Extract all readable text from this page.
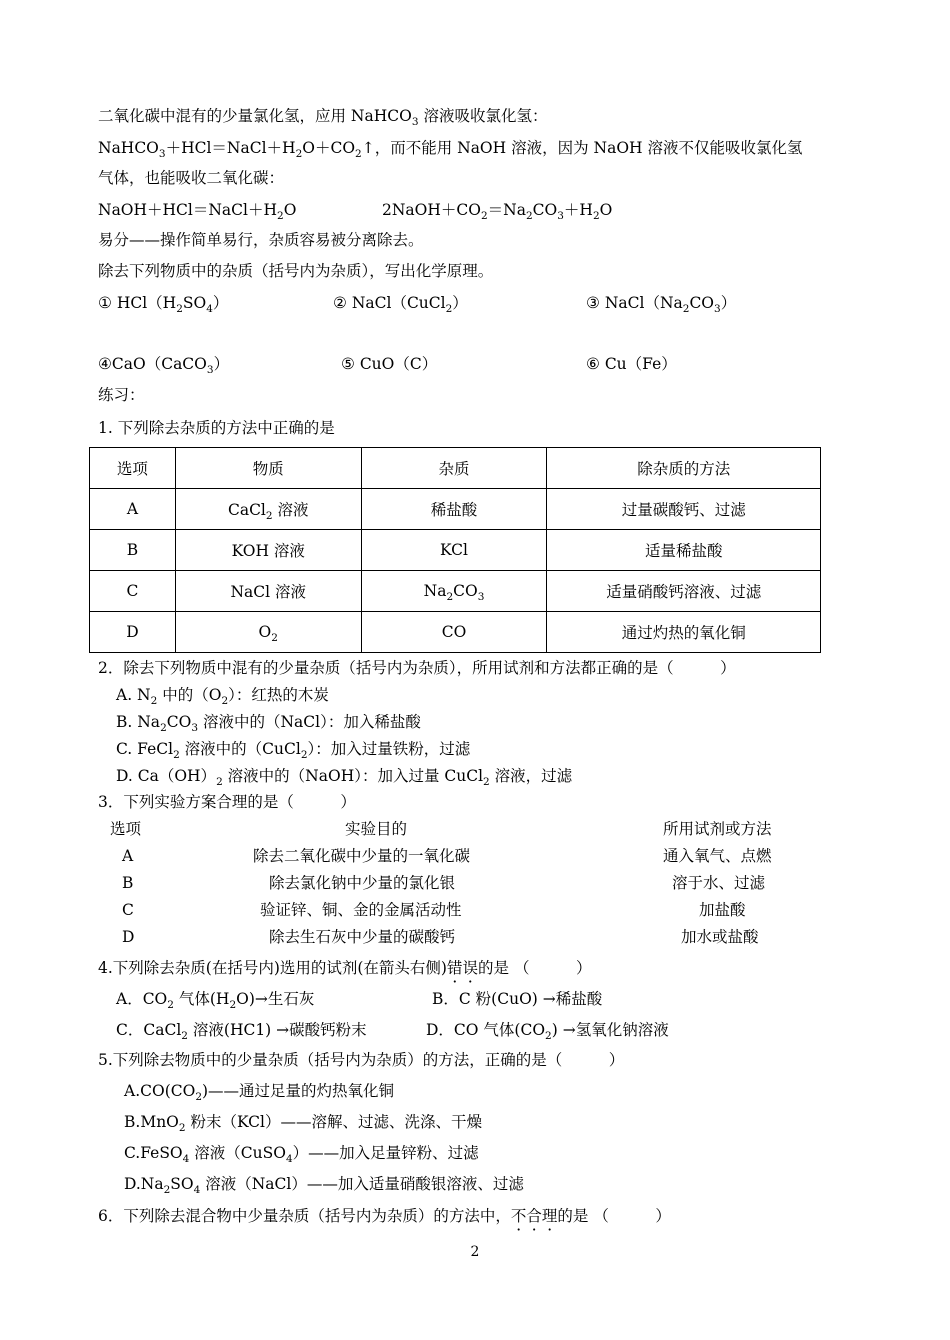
二氧化碳中混有的少量氯化氢，应用 NaHCO$_3$ 溶液吸收氯化氢：
$NaHCO_3+HCl=NaCl+H_2O+CO_2↑$，而不能用 NaOH 溶液，因为 NaOH 溶液不仅能吸收氯化氢
气体，也能吸收二氧化碳：
$NaOH+HCl=NaCl+H_2O$	$2NaOH+CO_2=Na_2CO_3+H_2O$
易分——操作简单易行，杂质容易被分离除去。
除去下列物质中的杂质（括号内为杂质），写出化学原理。
① $HCl(H_2SO_4)$	② NaCl（CuCl$_2$）	③ $NaCl(Na_2CO_3)$
④CaO（CaCO$_3$）	⑤ CuO（C）	⑥ Cu（Fe）
练习：
1. 下列除去杂质的方法中正确的是
选项	物质	杂质	除杂质的方法
A	CaCl$_2$ 溶液	稀盐酸	过量碳酸钙、过滤
B	KOH 溶液	KCl	适量稀盐酸
C	NaCl 溶液	$Na_2CO_3$	适量硝酸钙溶液、过滤
D	$O_2$	CO	通过灼热的氧化铜
2．除去下列物质中混有的少量杂质（括号内为杂质），所用试剂和方法都正确的是（　　　）
A. $N_2$ 中的$(O_2)$：红热的木炭
B. $Na_2CO_3$ 溶液中的（NaCl）：加入稀盐酸
C. FeCl$_2$ 溶液中的（CuCl$_2$）：加入过量铁粉，过滤
D. $Ca(OH)_2$ 溶液中的（NaOH）：加入过量 CuCl$_2$ 溶液，过滤
3．下列实验方案合理的是（　　　）
选项	实验目的	所用试剂或方法
A	除去二氧化碳中少量的一氧化碳	通入氧气、点燃
B	除去氯化钠中少量的氯化银	溶于水、过滤
C	验证锌、铜、金的金属活动性	加盐酸
D	除去生石灰中少量的碳酸钙	加水或盐酸
4.下列除去杂质(在括号内)选用的试剂(在箭头右侧)错误的是 （　　　）
A．$CO_2$ 气体$(H_2O)\to$生石灰	B．C 粉(CuO) →稀盐酸
C．CaCl$_2$ 溶液(HC1) →碳酸钙粉末	D．CO 气体$(CO_2)$ →氢氧化钠溶液
5.下列除去物质中的少量杂质（括号内为杂质）的方法，正确的是（　　　）
$A.CO(CO_2)——$通过足量的灼热氧化铜
B.MnO$_2$ 粉末（KCl）——溶解、过滤、洗涤、干燥
C.FeSO$_4$ 溶液（CuSO$_4$）——加入足量锌粉、过滤
$D.Na_2SO_4$ 溶液（NaCl）——加入适量硝酸银溶液、过滤
6．下列除去混合物中少量杂质（括号内为杂质）的方法中，不合理的是 （　　　）
2
